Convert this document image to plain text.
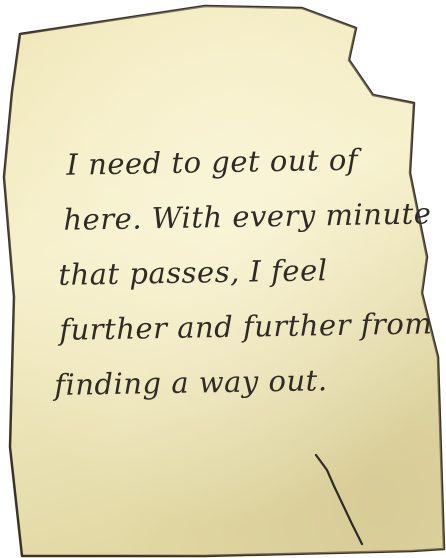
I need to get out of
here. With every minute
that passes, I feel
further and further from
finding a way out.
